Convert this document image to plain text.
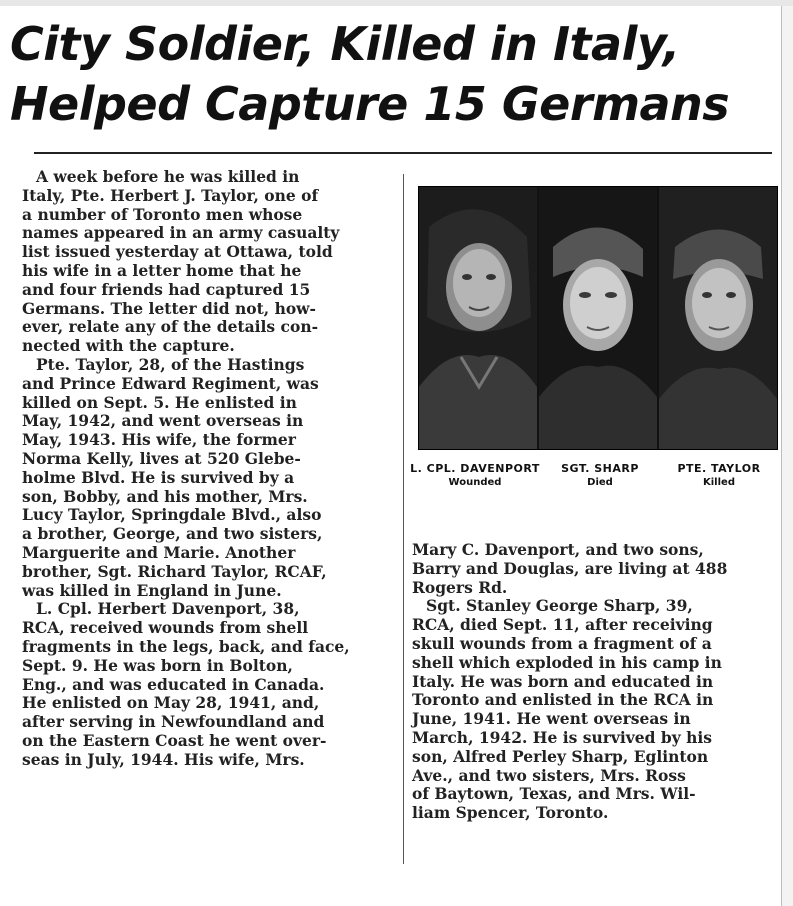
City Soldier, Killed in Italy,
Helped Capture 15 Germans

A week before he was killed in

Italy, Pte. Herbert J. Taylor, one of

a number of Toronto men whose

names appeared in an army casualty

list issued yesterday at Ottawa, told

his wife in a letter home that he

and four friends had captured 15

Germans. The letter did not, how-

ever, relate any of the details con-

nected with the capture.

Pte. Taylor, 28, of the Hastings

and Prince Edward Regiment, was

killed on Sept. 5. He enlisted in

May, 1942, and went overseas in

May, 1943. His wife, the former

Norma Kelly, lives at 520 Glebe-

holme Blvd. He is survived by a

son, Bobby, and his mother, Mrs.

Lucy Taylor, Springdale Blvd., also

a brother, George, and two sisters,

Marguerite and Marie. Another

brother, Sgt. Richard Taylor, RCAF,

was killed in England in June.

L. Cpl. Herbert Davenport, 38,

RCA, received wounds from shell

fragments in the legs, back, and face,

Sept. 9. He was born in Bolton,

Eng., and was educated in Canada.

He enlisted on May 28, 1941, and,

after serving in Newfoundland and

on the Eastern Coast he went over-

seas in July, 1944. His wife, Mrs.

L. CPL. DAVENPORT
Wounded
SGT. SHARP
Died
PTE. TAYLOR
Killed

Mary C. Davenport, and two sons,

Barry and Douglas, are living at 488

Rogers Rd.

Sgt. Stanley George Sharp, 39,

RCA, died Sept. 11, after receiving

skull wounds from a fragment of a

shell which exploded in his camp in

Italy. He was born and educated in

Toronto and enlisted in the RCA in

June, 1941. He went overseas in

March, 1942. He is survived by his

son, Alfred Perley Sharp, Eglinton

Ave., and two sisters, Mrs. Ross

of Baytown, Texas, and Mrs. Wil-

liam Spencer, Toronto.
